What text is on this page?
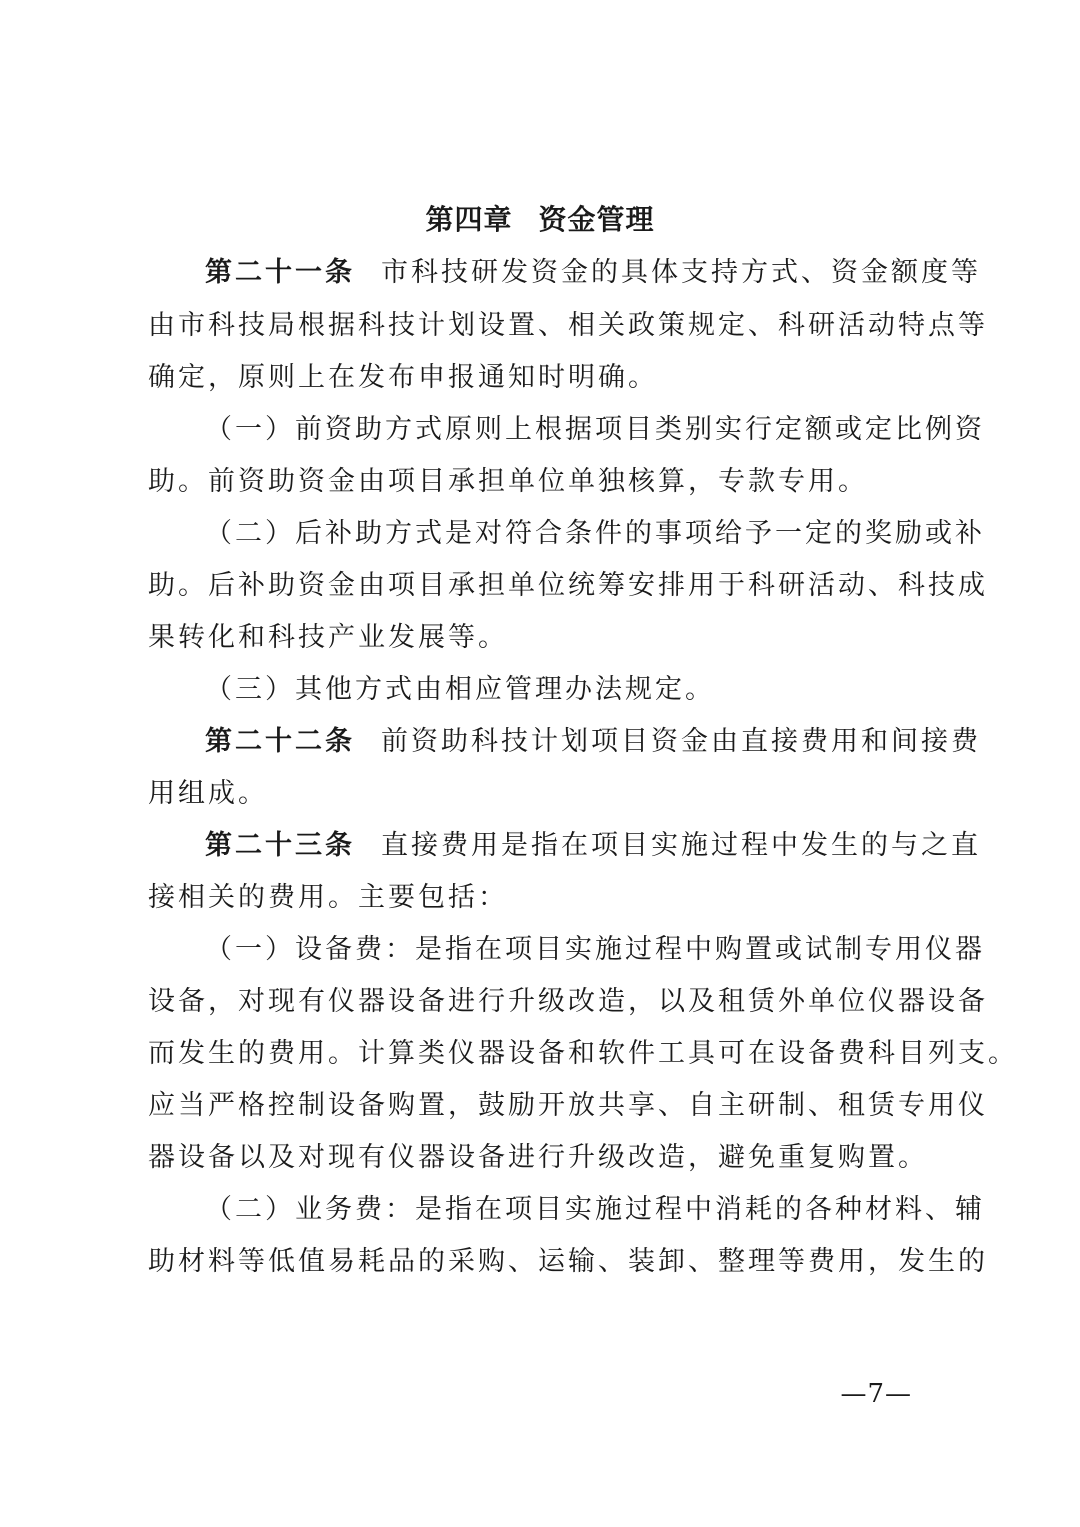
第四章 资金管理
第二十一条 市科技研发资金的具体支持方式、资金额度等
由市科技局根据科技计划设置、相关政策规定、科研活动特点等
确定，原则上在发布申报通知时明确。
（一）前资助方式原则上根据项目类别实行定额或定比例资
助。前资助资金由项目承担单位单独核算，专款专用。
（二）后补助方式是对符合条件的事项给予一定的奖励或补
助。后补助资金由项目承担单位统筹安排用于科研活动、科技成
果转化和科技产业发展等。
（三）其他方式由相应管理办法规定。
第二十二条 前资助科技计划项目资金由直接费用和间接费
用组成。
第二十三条 直接费用是指在项目实施过程中发生的与之直
接相关的费用。主要包括：
（一）设备费：是指在项目实施过程中购置或试制专用仪器
设备，对现有仪器设备进行升级改造，以及租赁外单位仪器设备
而发生的费用。计算类仪器设备和软件工具可在设备费科目列支。
应当严格控制设备购置，鼓励开放共享、自主研制、租赁专用仪
器设备以及对现有仪器设备进行升级改造，避免重复购置。
（二）业务费：是指在项目实施过程中消耗的各种材料、辅
助材料等低值易耗品的采购、运输、装卸、整理等费用，发生的
—7—
